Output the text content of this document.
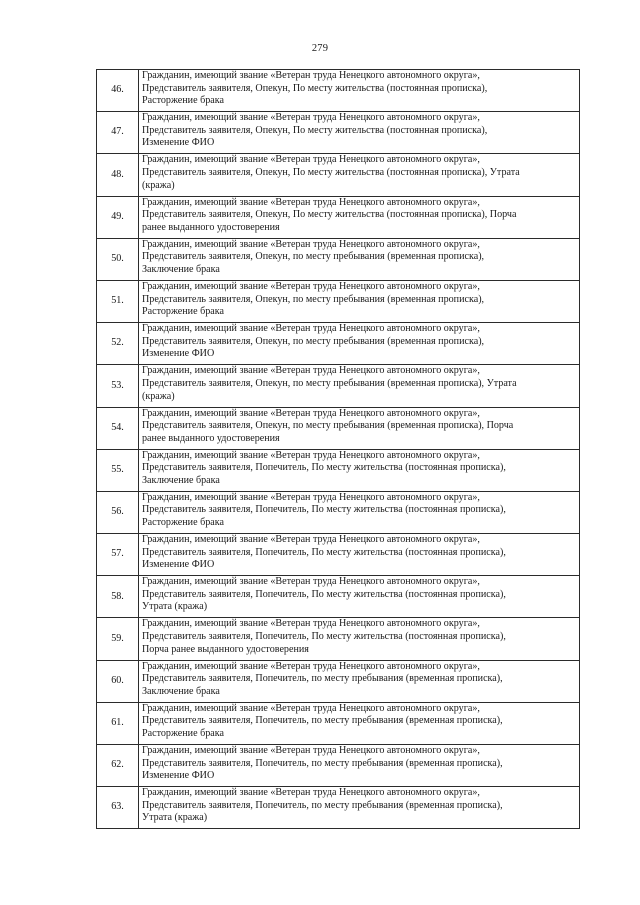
279
46.	Гражданин, имеющий звание «Ветеран труда Ненецкого автономного округа»,
Представитель заявителя, Опекун, По месту жительства (постоянная прописка),
Расторжение брака

47.	Гражданин, имеющий звание «Ветеран труда Ненецкого автономного округа»,
Представитель заявителя, Опекун, По месту жительства (постоянная прописка),
Изменение ФИО

48.	Гражданин, имеющий звание «Ветеран труда Ненецкого автономного округа»,
Представитель заявителя, Опекун, По месту жительства (постоянная прописка), Утрата
(кража)

49.	Гражданин, имеющий звание «Ветеран труда Ненецкого автономного округа»,
Представитель заявителя, Опекун, По месту жительства (постоянная прописка), Порча
ранее выданного удостоверения

50.	Гражданин, имеющий звание «Ветеран труда Ненецкого автономного округа»,
Представитель заявителя, Опекун, по месту пребывания (временная прописка),
Заключение брака

51.	Гражданин, имеющий звание «Ветеран труда Ненецкого автономного округа»,
Представитель заявителя, Опекун, по месту пребывания (временная прописка),
Расторжение брака

52.	Гражданин, имеющий звание «Ветеран труда Ненецкого автономного округа»,
Представитель заявителя, Опекун, по месту пребывания (временная прописка),
Изменение ФИО

53.	Гражданин, имеющий звание «Ветеран труда Ненецкого автономного округа»,
Представитель заявителя, Опекун, по месту пребывания (временная прописка), Утрата
(кража)

54.	Гражданин, имеющий звание «Ветеран труда Ненецкого автономного округа»,
Представитель заявителя, Опекун, по месту пребывания (временная прописка), Порча
ранее выданного удостоверения

55.	Гражданин, имеющий звание «Ветеран труда Ненецкого автономного округа»,
Представитель заявителя, Попечитель, По месту жительства (постоянная прописка),
Заключение брака

56.	Гражданин, имеющий звание «Ветеран труда Ненецкого автономного округа»,
Представитель заявителя, Попечитель, По месту жительства (постоянная прописка),
Расторжение брака

57.	Гражданин, имеющий звание «Ветеран труда Ненецкого автономного округа»,
Представитель заявителя, Попечитель, По месту жительства (постоянная прописка),
Изменение ФИО

58.	Гражданин, имеющий звание «Ветеран труда Ненецкого автономного округа»,
Представитель заявителя, Попечитель, По месту жительства (постоянная прописка),
Утрата (кража)

59.	Гражданин, имеющий звание «Ветеран труда Ненецкого автономного округа»,
Представитель заявителя, Попечитель, По месту жительства (постоянная прописка),
Порча ранее выданного удостоверения

60.	Гражданин, имеющий звание «Ветеран труда Ненецкого автономного округа»,
Представитель заявителя, Попечитель, по месту пребывания (временная прописка),
Заключение брака

61.	Гражданин, имеющий звание «Ветеран труда Ненецкого автономного округа»,
Представитель заявителя, Попечитель, по месту пребывания (временная прописка),
Расторжение брака

62.	Гражданин, имеющий звание «Ветеран труда Ненецкого автономного округа»,
Представитель заявителя, Попечитель, по месту пребывания (временная прописка),
Изменение ФИО

63.	Гражданин, имеющий звание «Ветеран труда Ненецкого автономного округа»,
Представитель заявителя, Попечитель, по месту пребывания (временная прописка),
Утрата (кража)
